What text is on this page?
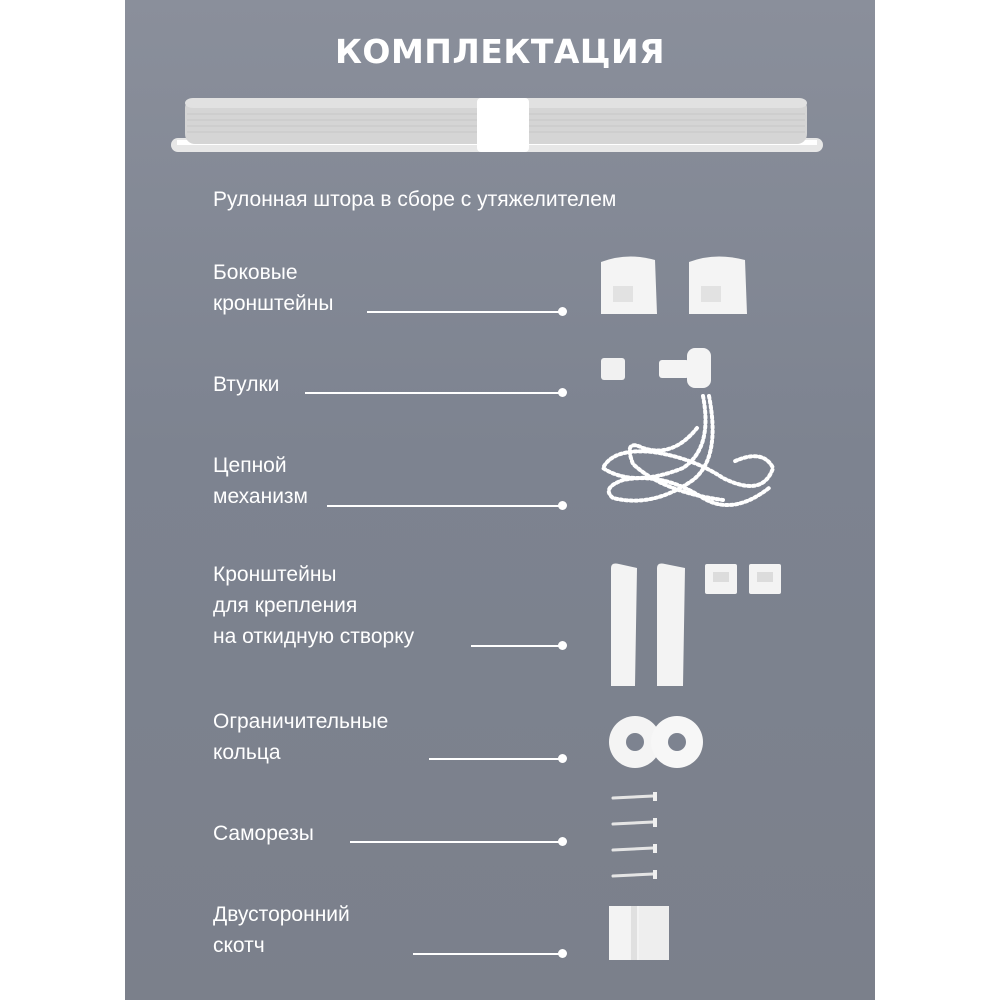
КОМПЛЕКТАЦИЯ
Рулонная штора в сборе с утяжелителем
Боковые
кронштейны
Втулки
Цепной
механизм
Кронштейны
для крепления
на откидную створку
Ограничительные
кольца
Саморезы
Двусторонний
скотч
